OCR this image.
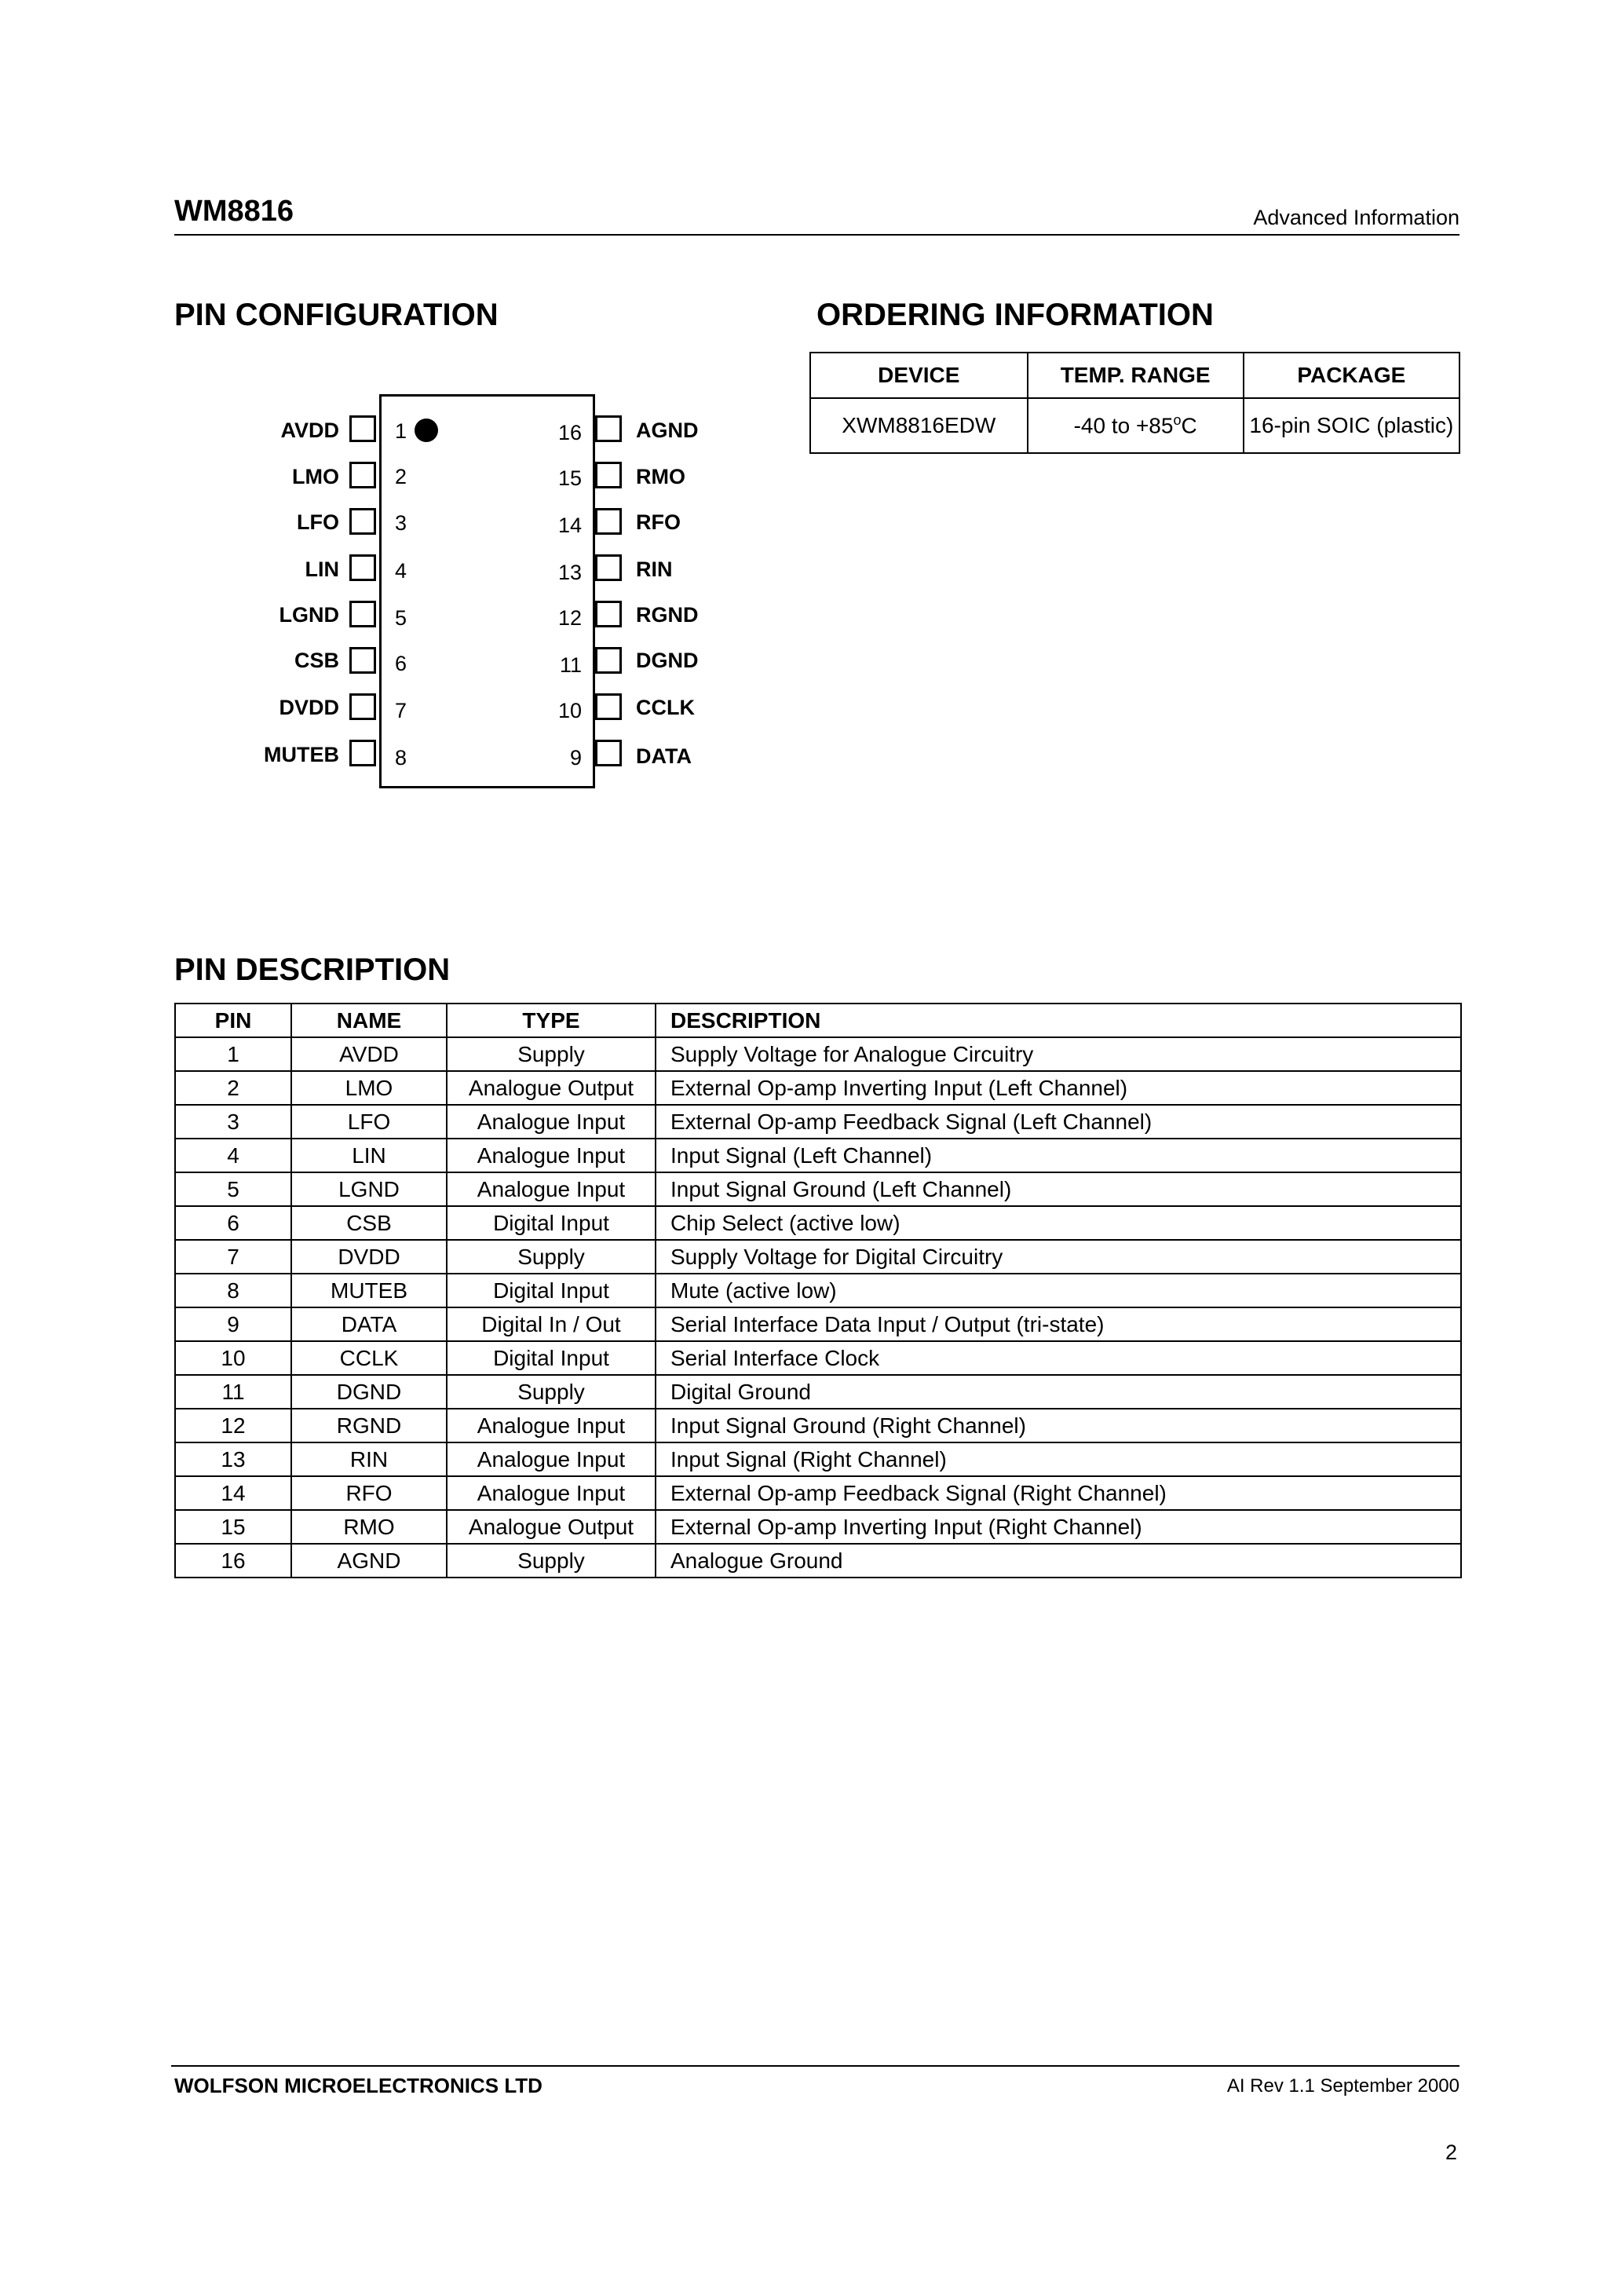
WM8816	Advanced Information
PIN CONFIGURATION	ORDERING INFORMATION
DEVICE	TEMP. RANGE	PACKAGE
XWM8816EDW	-40 to $+85^oC$	16-pin SOIC (plastic)
AVDD
LMO
LFO
LIN
LGND
CSB
DVDD
MUTEB
1
2
3
4
5
6
7
8
16
15
14
13
12
11
10
9
AGND
RMO
RFO
RIN
RGND
DGND
CCLK
DATA
PIN DESCRIPTION
PIN	NAME	TYPE	DESCRIPTION
1	AVDD	Supply	Supply Voltage for Analogue Circuitry
2	LMO	Analogue Output	External Op-amp Inverting Input (Left Channel)
3	LFO	Analogue Input	External Op-amp Feedback Signal (Left Channel)
4	LIN	Analogue Input	Input Signal (Left Channel)
5	LGND	Analogue Input	Input Signal Ground (Left Channel)
6	CSB	Digital Input	Chip Select (active low)
7	DVDD	Supply	Supply Voltage for Digital Circuitry
8	MUTEB	Digital Input	Mute (active low)
9	DATA	Digital In / Out	Serial Interface Data Input / Output (tri-state)
10	CCLK	Digital Input	Serial Interface Clock
11	DGND	Supply	Digital Ground
12	RGND	Analogue Input	Input Signal Ground (Right Channel)
13	RIN	Analogue Input	Input Signal (Right Channel)
14	RFO	Analogue Input	External Op-amp Feedback Signal (Right Channel)
15	RMO	Analogue Output	External Op-amp Inverting Input (Right Channel)
16	AGND	Supply	Analogue Ground
WOLFSON MICROELECTRONICS LTD	AI Rev 1.1 September 2000
2
